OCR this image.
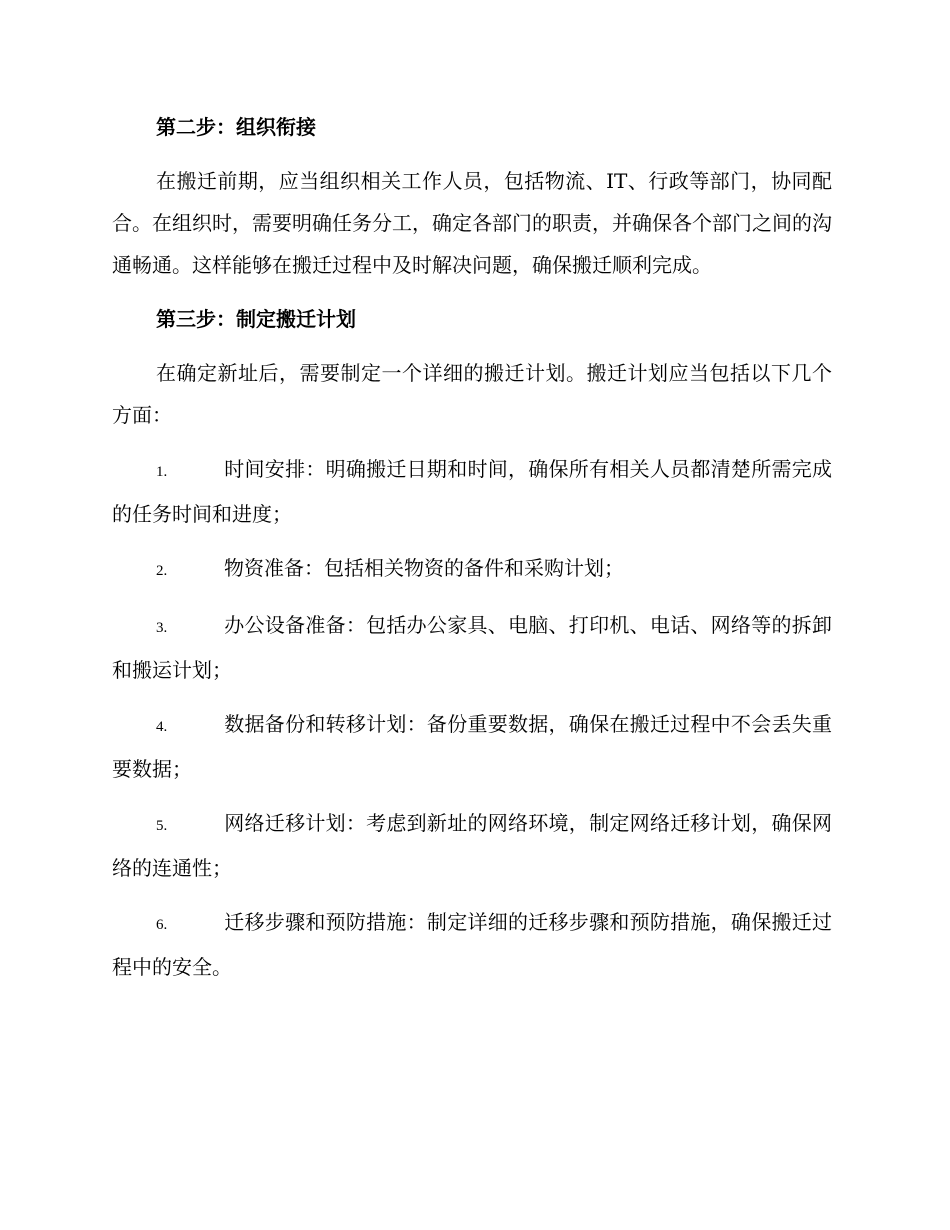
第二步：组织衔接

在搬迁前期，应当组织相关工作人员，包括物流、IT、行政等部门，协同配合。在组织时，需要明确任务分工，确定各部门的职责，并确保各个部门之间的沟通畅通。这样能够在搬迁过程中及时解决问题，确保搬迁顺利完成。

第三步：制定搬迁计划

在确定新址后，需要制定一个详细的搬迁计划。搬迁计划应当包括以下几个方面：

1.	时间安排：明确搬迁日期和时间，确保所有相关人员都清楚所需完成的任务时间和进度；

2.	物资准备：包括相关物资的备件和采购计划；

3.	办公设备准备：包括办公家具、电脑、打印机、电话、网络等的拆卸和搬运计划；

4.	数据备份和转移计划：备份重要数据，确保在搬迁过程中不会丢失重要数据；

5.	网络迁移计划：考虑到新址的网络环境，制定网络迁移计划，确保网络的连通性；

6.	迁移步骤和预防措施：制定详细的迁移步骤和预防措施，确保搬迁过程中的安全。
